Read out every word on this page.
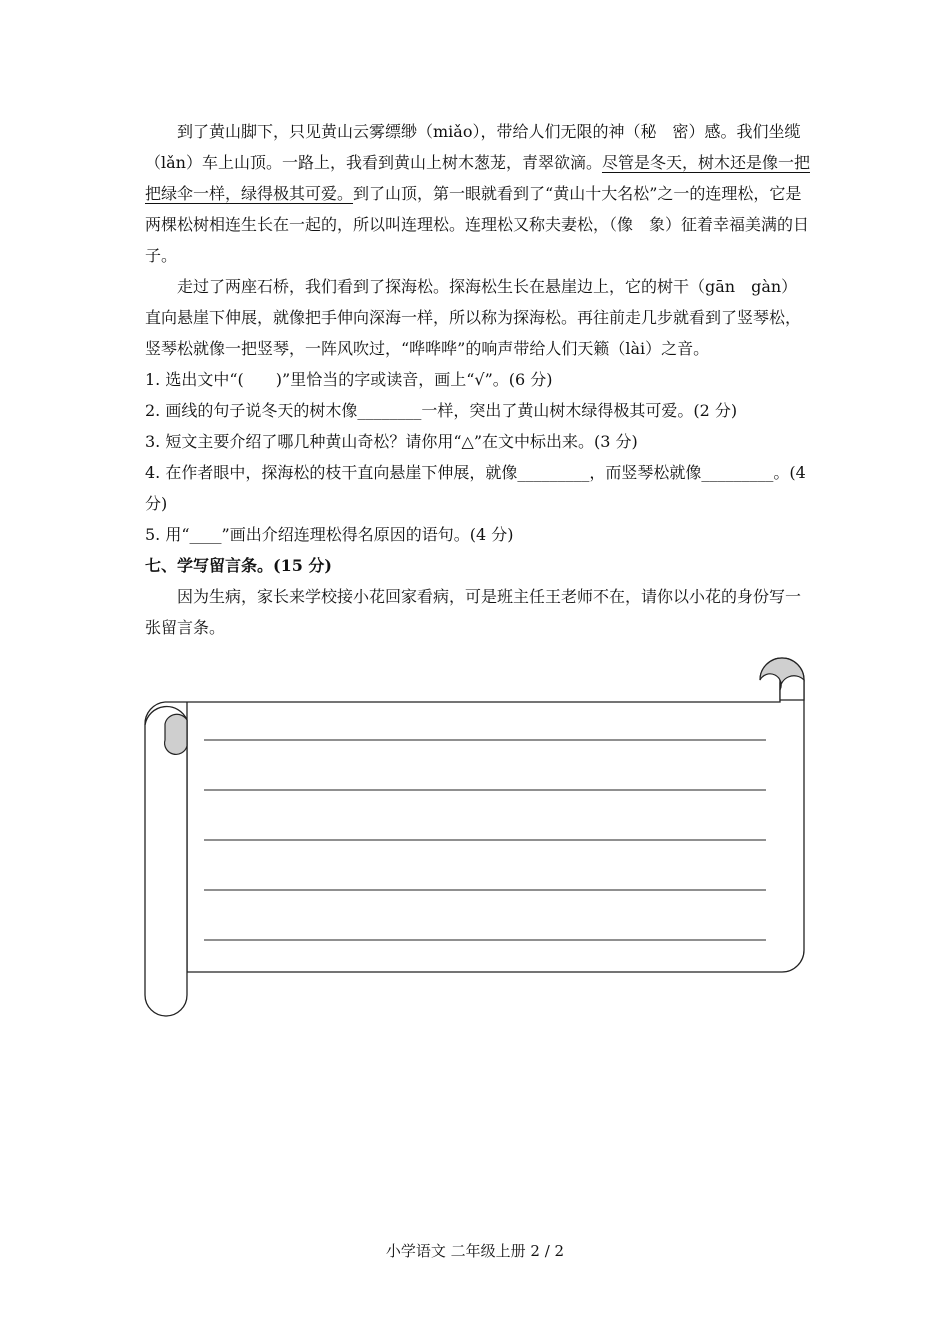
到了黄山脚下，只见黄山云雾缥缈（miǎo），带给人们无限的神（秘　密）感。我们坐缆（lǎn）车上山顶。一路上，我看到黄山上树木葱茏，青翠欲滴。尽管是冬天，树木还是像一把把绿伞一样，绿得极其可爱。到了山顶，第一眼就看到了“黄山十大名松”之一的连理松，它是两棵松树相连生长在一起的，所以叫连理松。连理松又称夫妻松，（像　象）征着幸福美满的日子。

走过了两座石桥，我们看到了探海松。探海松生长在悬崖边上，它的树干（gān　gàn）直向悬崖下伸展，就像把手伸向深海一样，所以称为探海松。再往前走几步就看到了竖琴松，竖琴松就像一把竖琴，一阵风吹过，“哗哗哗”的响声带给人们天籁（lài）之音。

1. 选出文中“(　　)”里恰当的字或读音，画上“√”。(6 分)

2. 画线的句子说冬天的树木像________一样，突出了黄山树木绿得极其可爱。(2 分)

3. 短文主要介绍了哪几种黄山奇松？请你用“△”在文中标出来。(3 分)

4. 在作者眼中，探海松的枝干直向悬崖下伸展，就像_________，而竖琴松就像_________。(4 分)

5. 用“____”画出介绍连理松得名原因的语句。(4 分)

七、学写留言条。(15 分)

因为生病，家长来学校接小花回家看病，可是班主任王老师不在，请你以小花的身份写一张留言条。

小学语文 二年级上册 2 / 2
